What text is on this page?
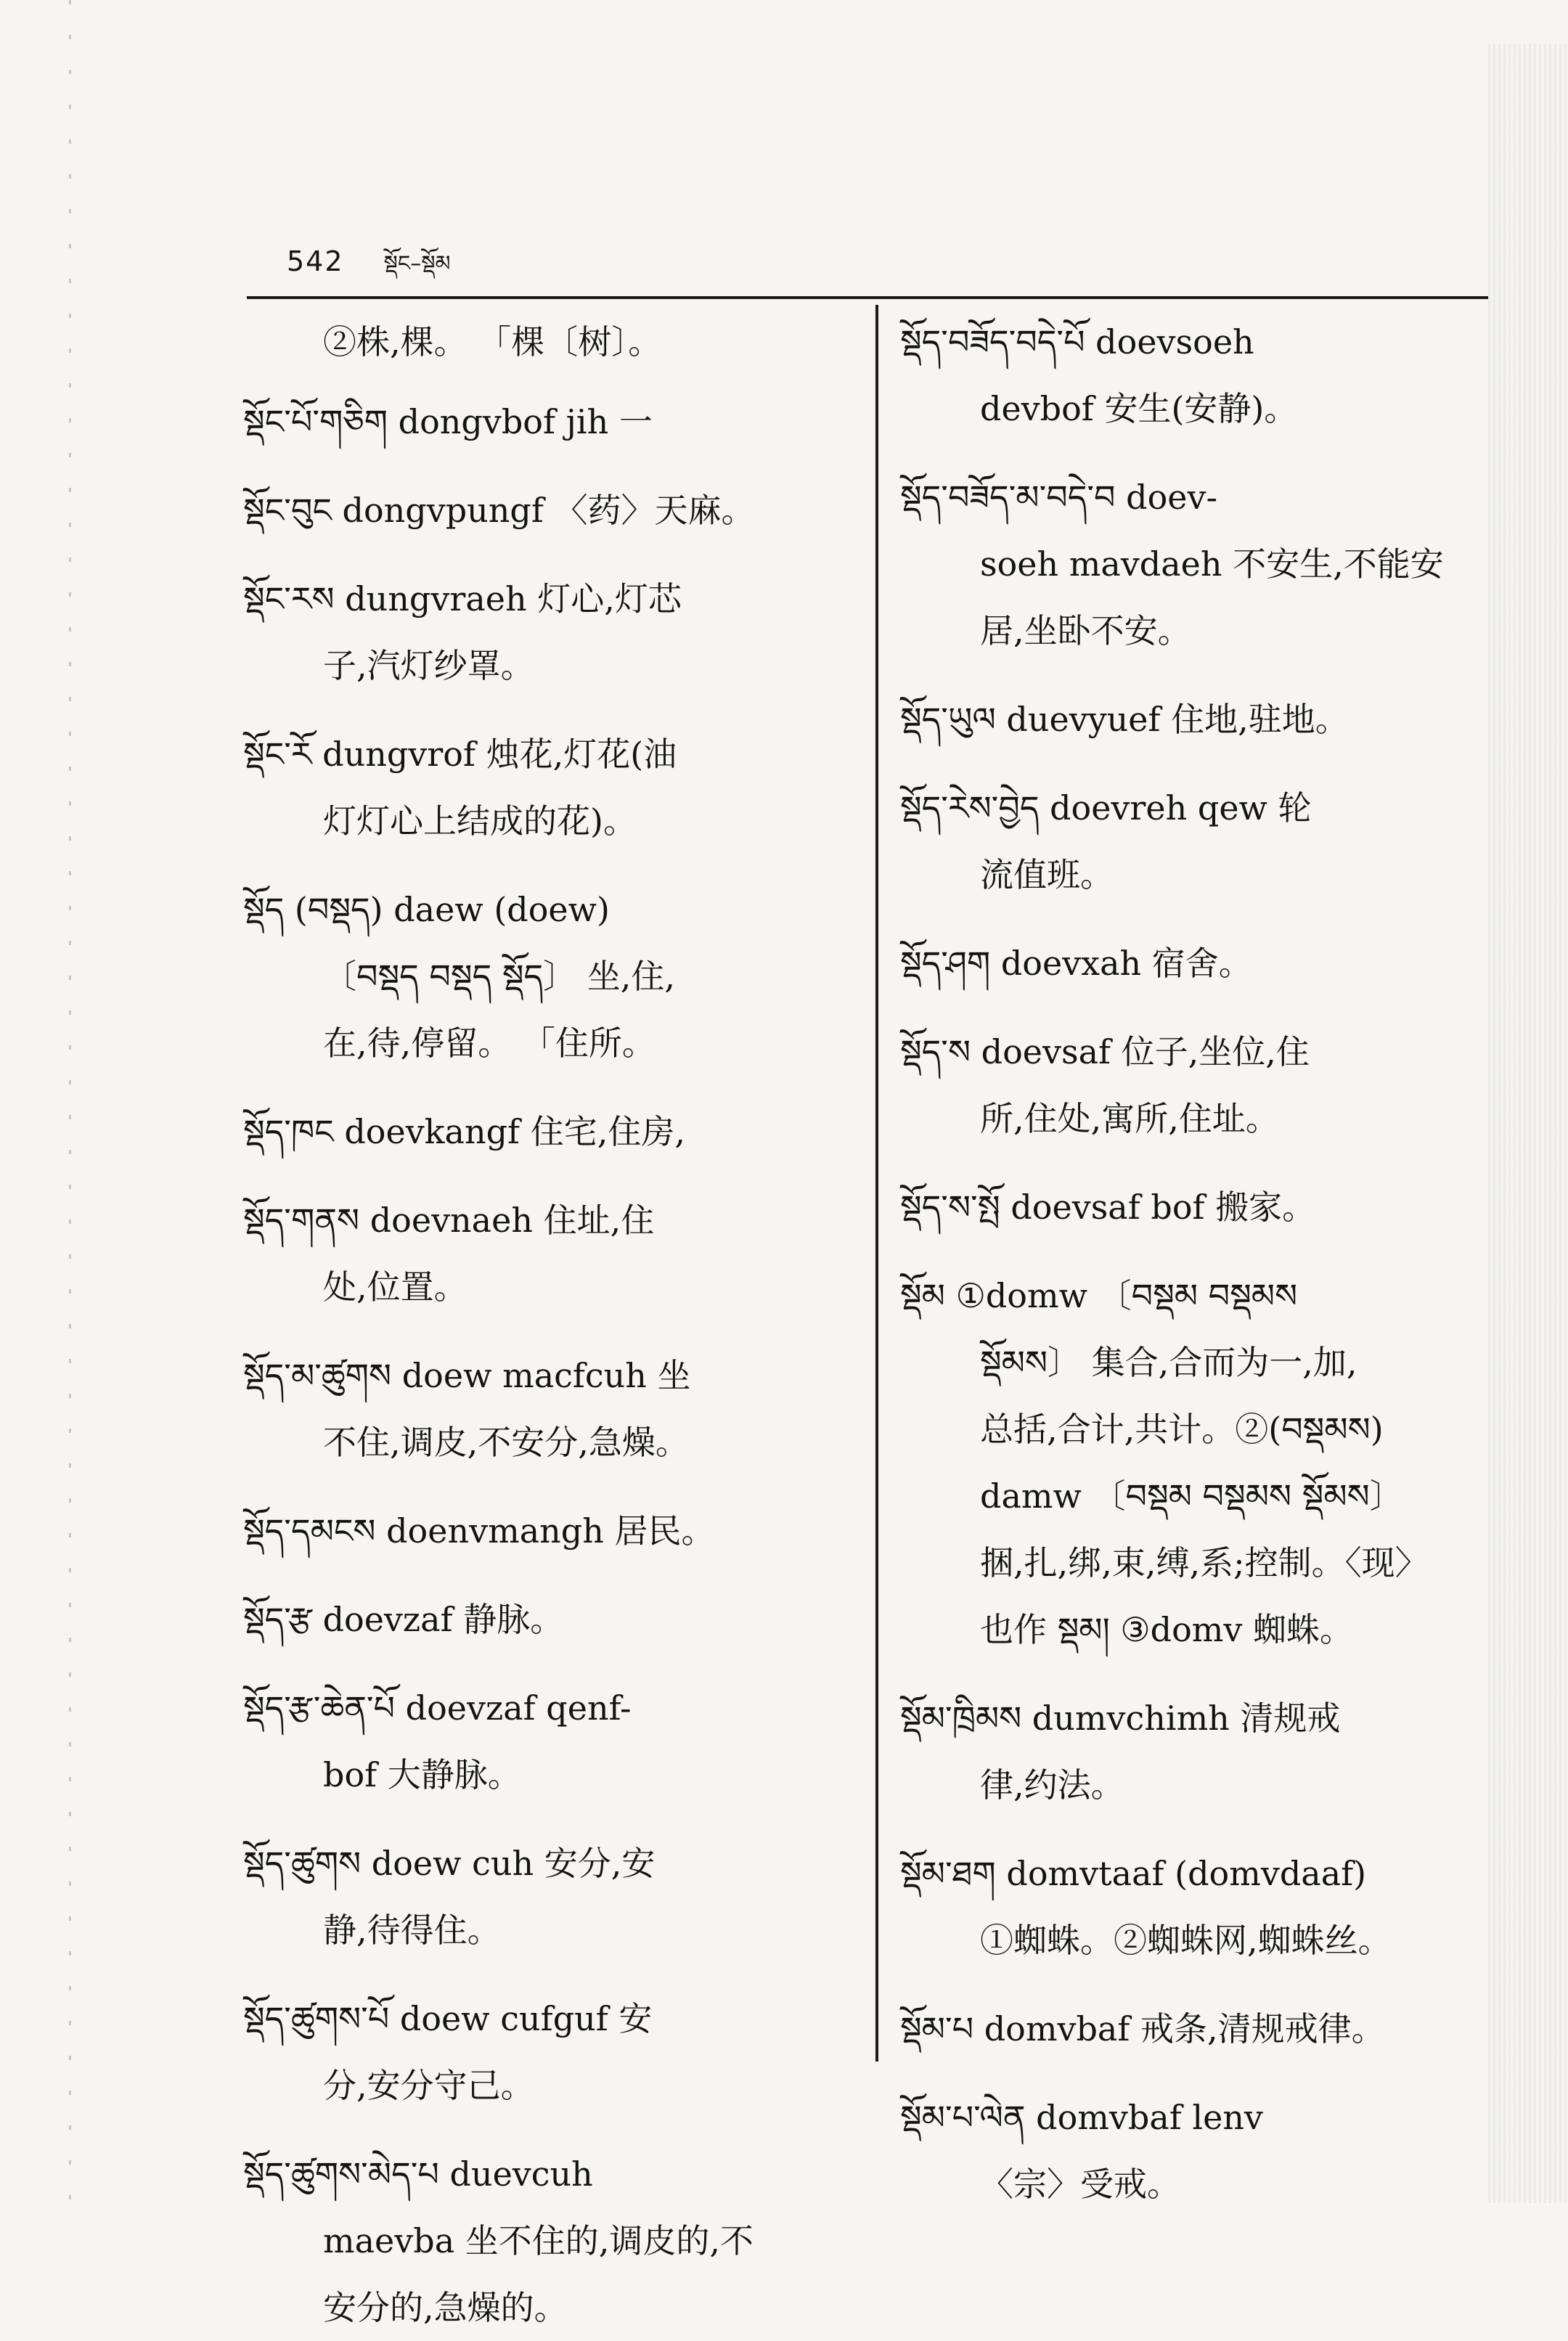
542 སྡོང–སྡོམ
②株,棵。 「棵〔树〕。
སྡོང་པོ་གཅིག dongvbof jih 一
སྡོང་བུང dongvpungf 〈药〉天麻。
སྡོང་རས dungvraeh 灯心,灯芯
子,汽灯纱罩。
སྡོང་རོ dungvrof 烛花,灯花(油
灯灯心上结成的花)。
སྡོད (བསྡད) daew (doew)
〔བསྡད བསྡད སྡོད〕 坐,住,
在,待,停留。 「住所。
སྡོད་ཁང doevkangf 住宅,住房,
སྡོད་གནས doevnaeh 住址,住
处,位置。
སྡོད་མ་ཚུགས doew macfcuh 坐
不住,调皮,不安分,急燥。
སྡོད་དམངས doenvmangh 居民。
སྡོད་རྩ doevzaf 静脉。
སྡོད་རྩ་ཆེན་པོ doevzaf qenf-
bof 大静脉。
སྡོད་ཚུགས doew cuh 安分,安
静,待得住。
སྡོད་ཚུགས་པོ doew cufguf 安
分,安分守己。
སྡོད་ཚུགས་མེད་པ duevcuh
maevba 坐不住的,调皮的,不
安分的,急燥的。
སྡོད་བཟོད་བདེ་པོ doevsoeh
devbof 安生(安静)。
སྡོད་བཟོད་མ་བདེ་བ doev-
soeh mavdaeh 不安生,不能安
居,坐卧不安。
སྡོད་ཡུལ duevyuef 住地,驻地。
སྡོད་རེས་བྱེད doevreh qew 轮
流值班。
སྡོད་ཤག doevxah 宿舍。
སྡོད་ས doevsaf 位子,坐位,住
所,住处,寓所,住址。
སྡོད་ས་སྤོ doevsaf bof 搬家。
སྡོམ ①domw 〔བསྡམ བསྡམས
སྡོམས〕 集合,合而为一,加,
总括,合计,共计。②(བསྡམས)
damw 〔བསྡམ བསྡམས སྡོམས〕
捆,扎,绑,束,缚,系;控制。〈现〉
也作 སྡམ། ③domv 蜘蛛。
སྡོམ་ཁྲིམས dumvchimh 清规戒
律,约法。
སྡོམ་ཐག domvtaaf (domvdaaf)
①蜘蛛。②蜘蛛网,蜘蛛丝。
སྡོམ་པ domvbaf 戒条,清规戒律。
སྡོམ་པ་ལེན domvbaf lenv
〈宗〉受戒。
